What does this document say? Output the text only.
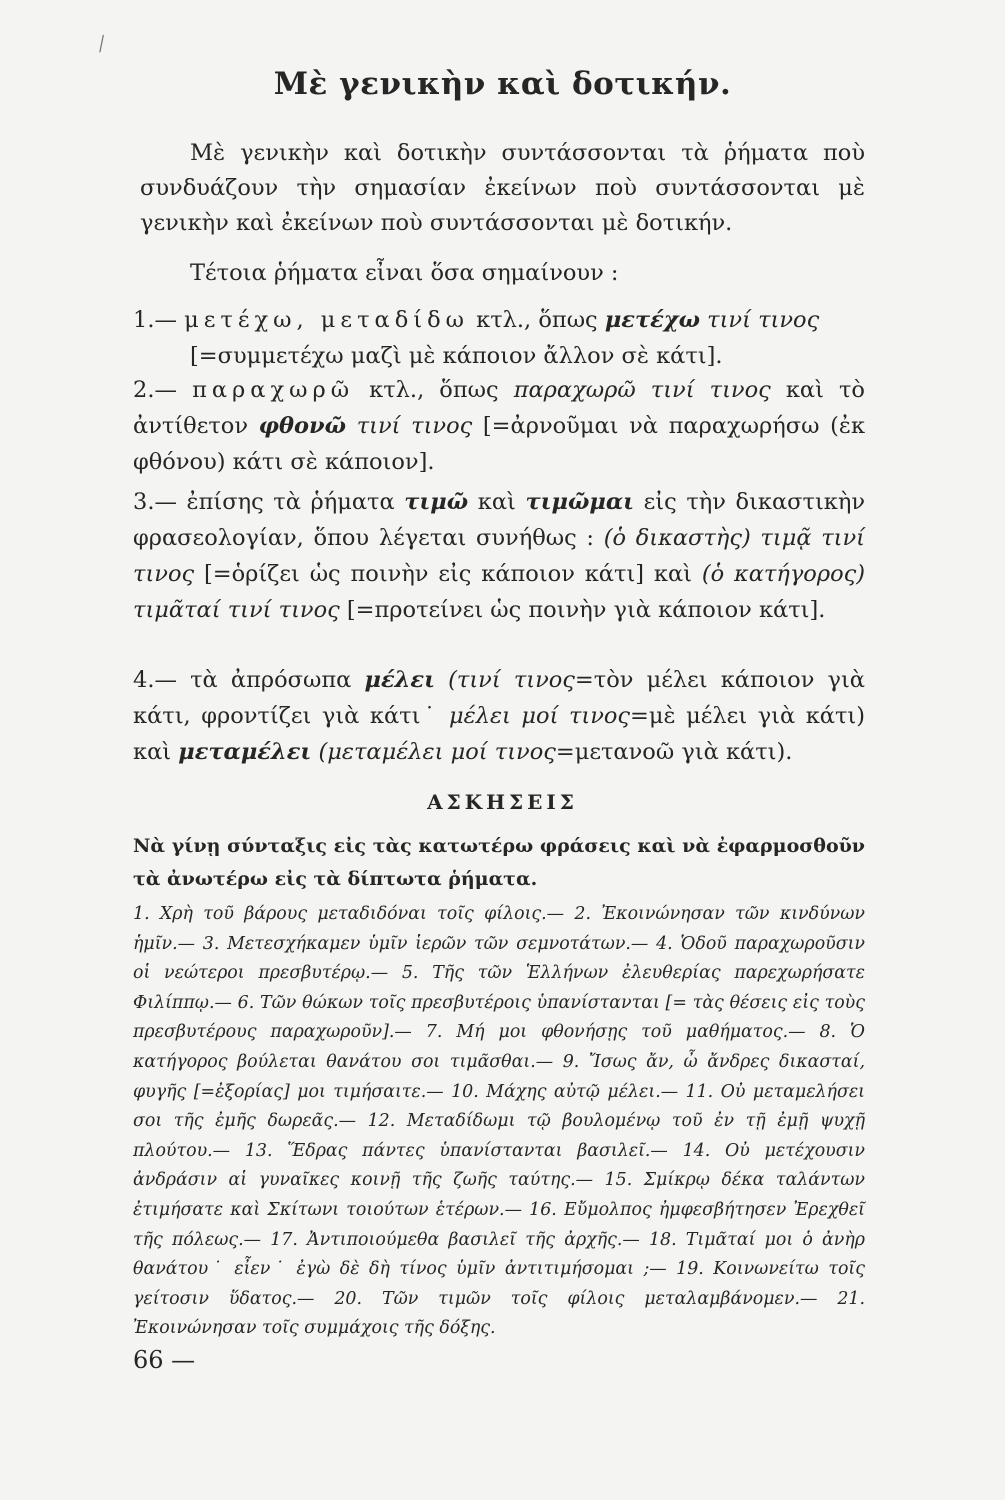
Μὲ γενικὴν καὶ δοτικήν.
Μὲ γενικὴν καὶ δοτικὴν συντάσσονται τὰ ῥήματα ποὺ συνδυάζουν τὴν σημασίαν ἐκείνων ποὺ συντάσσονται μὲ γενικὴν καὶ ἐκείνων ποὺ συντάσσονται μὲ δοτικήν.
Τέτοια ῥήματα εἶναι ὅσα σημαίνουν :
1.— μετέχω, μεταδίδω κτλ., ὅπως μετέχω τινί τινος
[=συμμετέχω μαζὶ μὲ κάποιον ἄλλον σὲ κάτι].
2.— παραχωρῶ κτλ., ὅπως παραχωρῶ τινί τινος καὶ τὸ ἀντίθετον φθονῶ τινί τινος [=ἀρνοῦμαι νὰ παραχωρήσω (ἐκ φθόνου) κάτι σὲ κάποιον].
3.— ἐπίσης τὰ ῥήματα τιμῶ καὶ τιμῶμαι εἰς τὴν δικαστικὴν φρασεολογίαν, ὅπου λέγεται συνήθως : (ὁ δικαστὴς) τιμᾷ τινί τινος [=ὁρίζει ὡς ποινὴν εἰς κάποιον κάτι] καὶ (ὁ κατήγορος) τιμᾶταί τινί τινος [=προτείνει ὡς ποινὴν γιὰ κάποιον κάτι].
4.— τὰ ἀπρόσωπα μέλει (τινί τινος=τὸν μέλει κάποιον γιὰ κάτι, φροντίζει γιὰ κάτι˙ μέλει μοί τινος=μὲ μέλει γιὰ κάτι) καὶ μεταμέλει (μεταμέλει μοί τινος=μετανοῶ γιὰ κάτι).
ΑΣΚΗΣΕΙΣ
Νὰ γίνῃ σύνταξις εἰς τὰς κατωτέρω φράσεις καὶ νὰ ἐφαρμοσθοῦν τὰ ἀνωτέρω εἰς τὰ δίπτωτα ῥήματα.
1. Χρὴ τοῦ βάρους μεταδιδόναι τοῖς φίλοις.— 2. Ἐκοινώνησαν τῶν κινδύνων ἡμῖν.— 3. Μετεσχήκαμεν ὑμῖν ἱερῶν τῶν σεμνοτάτων.— 4. Ὁδοῦ παραχωροῦσιν οἱ νεώτεροι πρεσβυτέρῳ.— 5. Τῆς τῶν Ἑλλήνων ἐλευθερίας παρεχωρήσατε Φιλίππῳ.— 6. Τῶν θώκων τοῖς πρεσβυτέροις ὑπανίστανται [= τὰς θέσεις εἰς τοὺς πρεσβυτέρους παραχωροῦν].— 7. Μή μοι φθονήσῃς τοῦ μαθήματος.— 8. Ὁ κατήγορος βούλεται θανάτου σοι τιμᾶσθαι.— 9. Ἴσως ἄν, ὦ ἄνδρες δικασταί, φυγῆς [=ἐξορίας] μοι τιμήσαιτε.— 10. Μάχης αὐτῷ μέλει.— 11. Οὐ μεταμελήσει σοι τῆς ἐμῆς δωρεᾶς.— 12. Μεταδίδωμι τῷ βουλομένῳ τοῦ ἐν τῇ ἐμῇ ψυχῇ πλούτου.— 13. Ἕδρας πάντες ὑπανίστανται βασιλεῖ.— 14. Οὐ μετέχουσιν ἀνδράσιν αἱ γυναῖκες κοινῇ τῆς ζωῆς ταύτης.— 15. Σμίκρῳ δέκα ταλάντων ἐτιμήσατε καὶ Σκίτωνι τοιούτων ἑτέρων.— 16. Εὔμολπος ἠμφεσβήτησεν Ἐρεχθεῖ τῆς πόλεως.— 17. Ἀντιποιούμεθα βασιλεῖ τῆς ἀρχῆς.— 18. Τιμᾶταί μοι ὁ ἀνὴρ θανάτου˙ εἶεν˙ ἐγὼ δὲ δὴ τίνος ὑμῖν ἀντιτιμήσομαι ;— 19. Κοινωνείτω τοῖς γείτοσιν ὕδατος.— 20. Τῶν τιμῶν τοῖς φίλοις μεταλαμβάνομεν.— 21. Ἐκοινώνησαν τοῖς συμμάχοις τῆς δόξης.
66 —
⁄
